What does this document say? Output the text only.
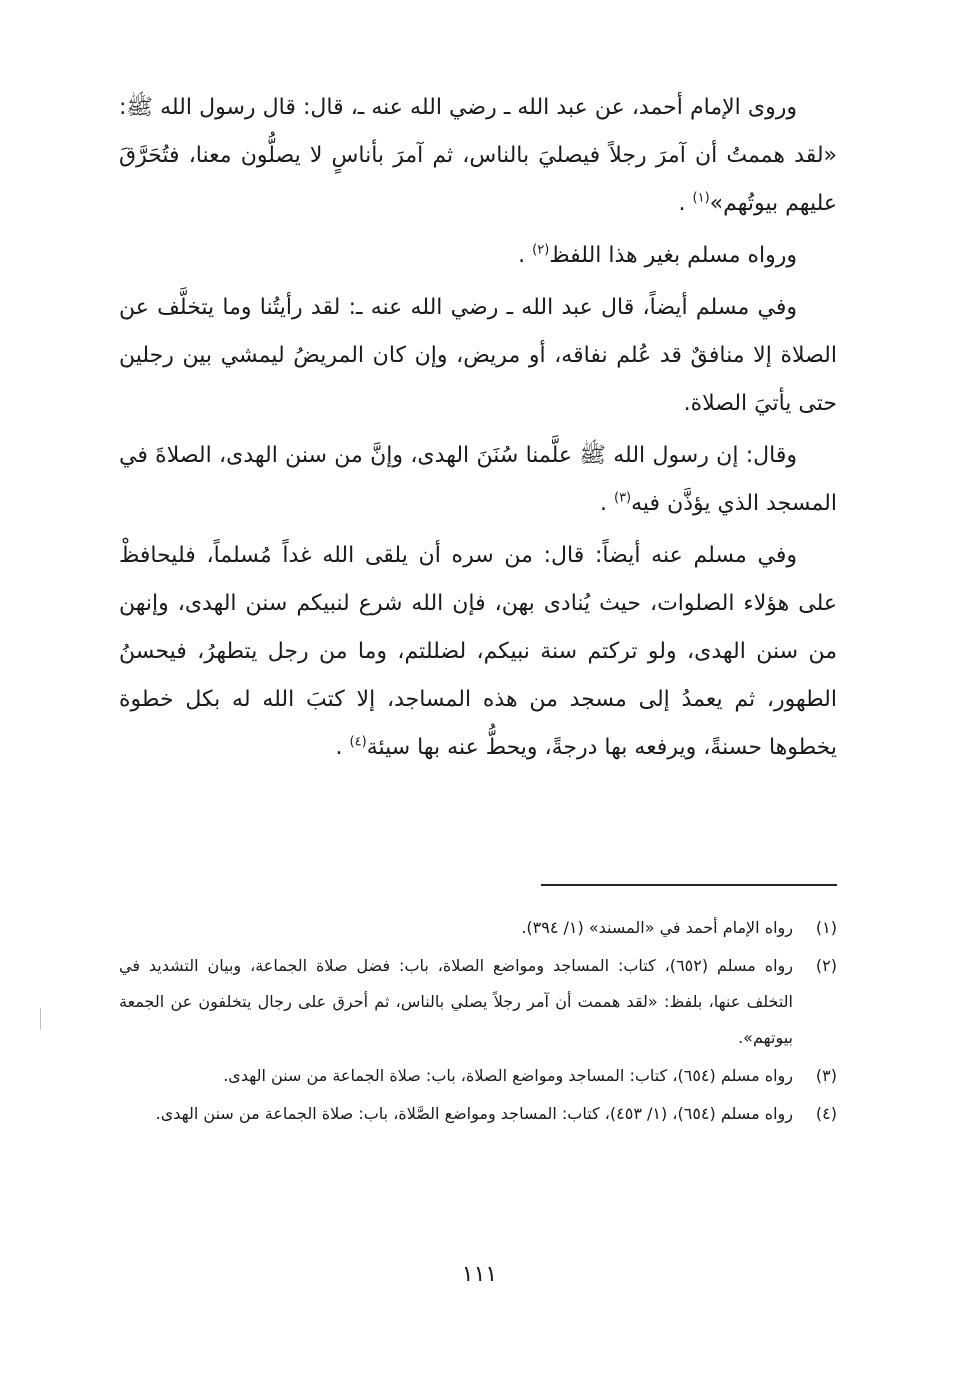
وروى الإمام أحمد، عن عبد الله ـ رضي الله عنه ـ، قال: قال رسول الله ﷺ: «لقد هممتُ أن آمرَ رجلاً فيصليَ بالناس، ثم آمرَ بأناسٍ لا يصلُّون معنا، فتُحَرَّقَ عليهم بيوتُهم»$^{(١)}$ .

ورواه مسلم بغير هذا اللفظ$^{(٢)}$ .

وفي مسلم أيضاً، قال عبد الله ـ رضي الله عنه ـ: لقد رأيتُنا وما يتخلَّف عن الصلاة إلا منافقٌ قد عُلم نفاقه، أو مريض، وإن كان المريضُ ليمشي بين رجلين حتى يأتيَ الصلاة.

وقال: إن رسول الله ﷺ علَّمنا سُنَنَ الهدى، وإنَّ من سنن الهدى، الصلاةَ في المسجد الذي يؤذَّن فيه$^{(٣)}$ .

وفي مسلم عنه أيضاً: قال: من سره أن يلقى الله غداً مُسلماً، فليحافظْ على هؤلاء الصلوات، حيث يُنادى بهن، فإن الله شرع لنبيكم سنن الهدى، وإنهن من سنن الهدى، ولو تركتم سنة نبيكم، لضللتم، وما من رجل يتطهرُ، فيحسنُ الطهور، ثم يعمدُ إلى مسجد من هذه المساجد، إلا كتبَ الله له بكل خطوة يخطوها حسنةً، ويرفعه بها درجةً، ويحطُّ عنه بها سيئة$^{(٤)}$ .

(١)
رواه الإمام أحمد في «المسند» (١/ ٣٩٤).
(٢)
رواه مسلم (٦٥٢)، كتاب: المساجد ومواضع الصلاة، باب: فضل صلاة الجماعة، وبيان التشديد في التخلف عنها، بلفظ: «لقد هممت أن آمر رجلاً يصلي بالناس، ثم أحرق على رجال يتخلفون عن الجمعة بيوتهم».
(٣)
رواه مسلم (٦٥٤)، كتاب: المساجد ومواضع الصلاة، باب: صلاة الجماعة من سنن الهدى.
(٤)
رواه مسلم (٦٥٤)، (١/ ٤٥٣)، كتاب: المساجد ومواضع الصَّلاة، باب: صلاة الجماعة من سنن الهدى.
١١١
